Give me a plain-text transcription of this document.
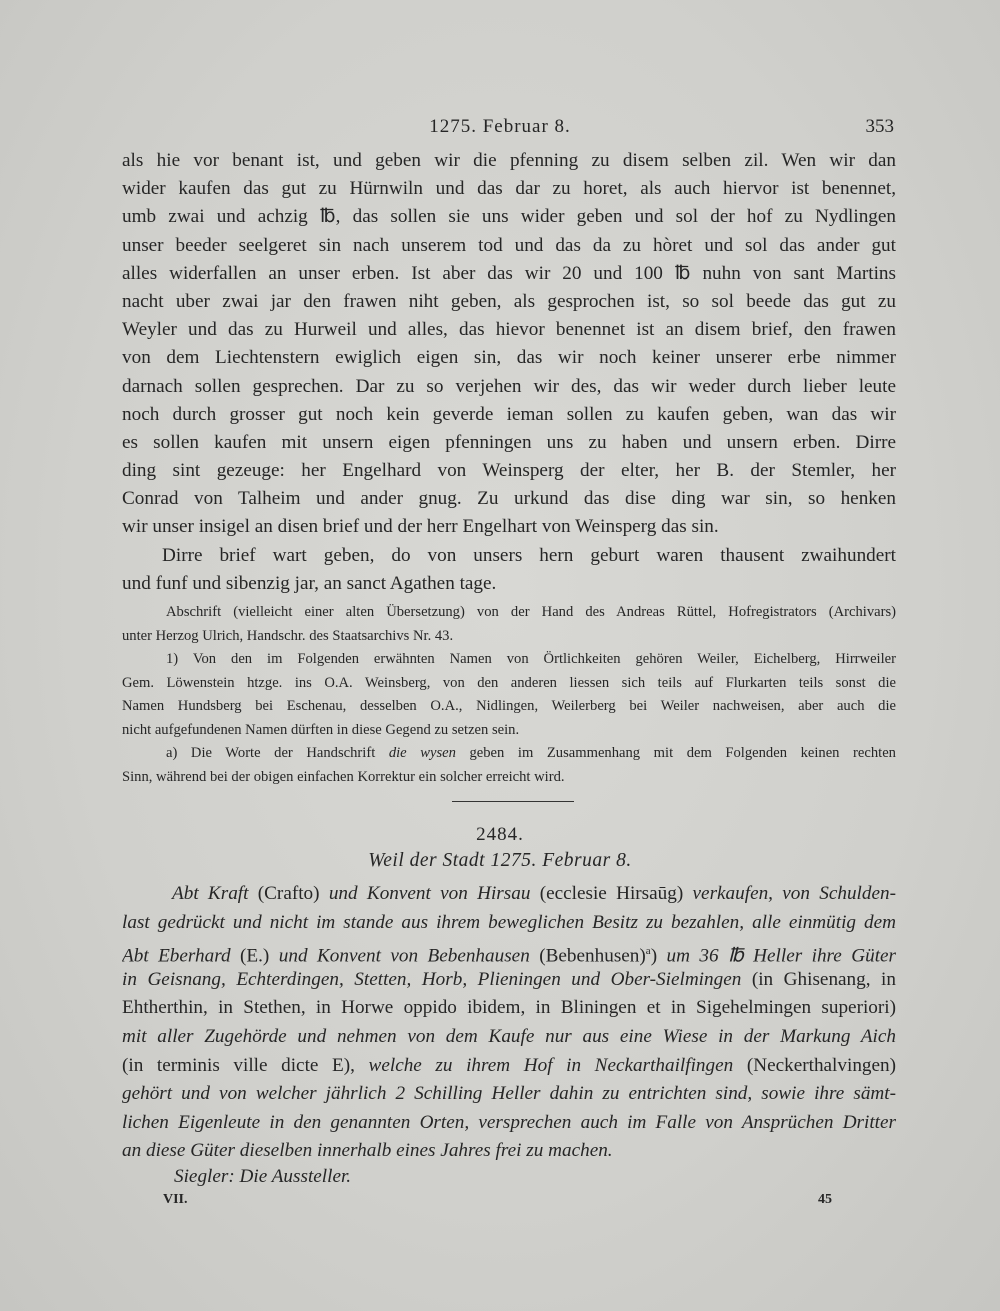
1275. Februar 8.	353
als hie vor benant ist, und geben wir die pfenning zu disem selben zil. Wen wir dan
wider kaufen das gut zu Hürnwiln und das dar zu horet, als auch hiervor ist benennet,
umb zwai und achzig ℔, das sollen sie uns wider geben und sol der hof zu Nydlingen
unser beeder seelgeret sin nach unserem tod und das da zu hòret und sol das ander gut
alles widerfallen an unser erben. Ist aber das wir 20 und 100 ℔ nuhn von sant Martins
nacht uber zwai jar den frawen niht geben, als gesprochen ist, so sol beede das gut zu
Weyler und das zu Hurweil und alles, das hievor benennet ist an disem brief, den frawen
von dem Liechtenstern ewiglich eigen sin, das wir noch keiner unserer erbe nimmer
darnach sollen gesprechen. Dar zu so verjehen wir des, das wir weder durch lieber leute
noch durch grosser gut noch kein geverde ieman sollen zu kaufen geben, wan das wir
es sollen kaufen mit unsern eigen pfenningen uns zu haben und unsern erben. Dirre
ding sint gezeuge: her Engelhard von Weinsperg der elter, her B. der Stemler, her
Conrad von Talheim und ander gnug. Zu urkund das dise ding war sin, so henken
wir unser insigel an disen brief und der herr Engelhart von Weinsperg das sin.
Dirre brief wart geben, do von unsers hern geburt waren thausent zwaihundert
und funf und sibenzig jar, an sanct Agathen tage.
Abschrift (vielleicht einer alten Übersetzung) von der Hand des Andreas Rüttel, Hofregistrators (Archivars)
unter Herzog Ulrich, Handschr. des Staatsarchivs Nr. 43.
1) Von den im Folgenden erwähnten Namen von Örtlichkeiten gehören Weiler, Eichelberg, Hirrweiler
Gem. Löwenstein htzge. ins O.A. Weinsberg, von den anderen liessen sich teils auf Flurkarten teils sonst die
Namen Hundsberg bei Eschenau, desselben O.A., Nidlingen, Weilerberg bei Weiler nachweisen, aber auch die
nicht aufgefundenen Namen dürften in diese Gegend zu setzen sein.
a) Die Worte der Handschrift die wysen geben im Zusammenhang mit dem Folgenden keinen rechten
Sinn, während bei der obigen einfachen Korrektur ein solcher erreicht wird.
2484.
Weil der Stadt 1275. Februar 8.
Abt Kraft (Crafto) und Konvent von Hirsau (ecclesie Hirsaūg) verkaufen, von Schulden-
last gedrückt und nicht im stande aus ihrem beweglichen Besitz zu bezahlen, alle einmütig dem
Abt Eberhard (E.) und Konvent von Bebenhausen (Bebenhusen)$^a$) um 36 ℔ Heller ihre Güter
in Geisnang, Echterdingen, Stetten, Horb, Plieningen und Ober-Sielmingen (in Ghisenang, in
Ehtherthin, in Stethen, in Horwe oppido ibidem, in Bliningen et in Sigehelmingen superiori)
mit aller Zugehörde und nehmen von dem Kaufe nur aus eine Wiese in der Markung Aich
(in terminis ville dicte E), welche zu ihrem Hof in Neckarthailfingen (Neckerthalvingen)
gehört und von welcher jährlich 2 Schilling Heller dahin zu entrichten sind, sowie ihre sämt-
lichen Eigenleute in den genannten Orten, versprechen auch im Falle von Ansprüchen Dritter
an diese Güter dieselben innerhalb eines Jahres frei zu machen.
Siegler: Die Aussteller.
VII.	45
